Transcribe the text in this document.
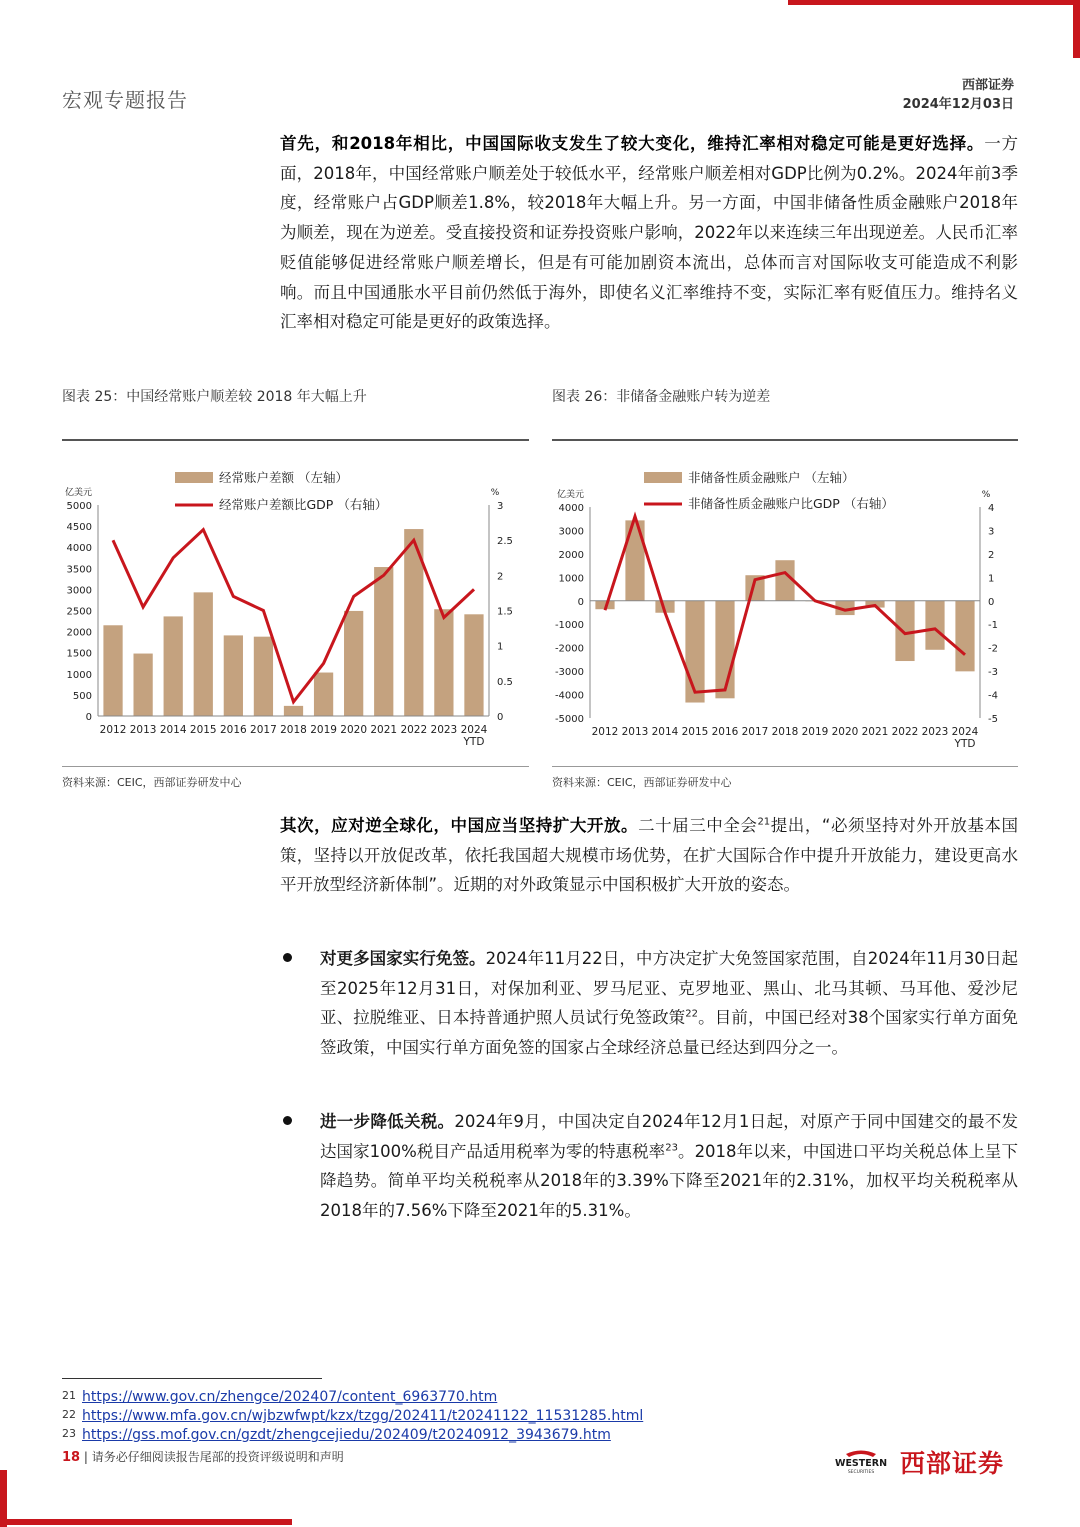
宏观专题报告
西部证券
2024年12月03日
首先，和2018年相比，中国国际收支发生了较大变化，维持汇率相对稳定可能是更好选择。一方面，2018年，中国经常账户顺差处于较低水平，经常账户顺差相对GDP比例为0.2%。2024年前3季度，经常账户占GDP顺差1.8%，较2018年大幅上升。另一方面，中国非储备性质金融账户2018年为顺差，现在为逆差。受直接投资和证券投资账户影响，2022年以来连续三年出现逆差。人民币汇率贬值能够促进经常账户顺差增长，但是有可能加剧资本流出，总体而言对国际收支可能造成不利影响。而且中国通胀水平目前仍然低于海外，即使名义汇率维持不变，实际汇率有贬值压力。维持名义汇率相对稳定可能是更好的政策选择。
图表 25：中国经常账户顺差较 2018 年大幅上升	图表 26：非储备金融账户转为逆差
经常账户差额 （左轴）
经常账户差额比GDP （右轴）
亿美元	%
0
500
1000
1500
2000
2500
3000
3500
4000
4500
5000
0
0.5
1
1.5
2
2.5
3
2012 2013 2014 2015 2016 2017 2018 2019 2020 2021 2022 2023 2024
YTD
非储备性质金融账户 （左轴）
非储备性质金融账户比GDP （右轴）
亿美元	%
-5000
-4000
-3000
-2000
-1000
0
1000
2000
3000
4000
-5
-4
-3
-2
-1
0
1
2
3
4
2012 2013 2014 2015 2016 2017 2018 2019 2020 2021 2022 2023 2024
YTD
资料来源：CEIC，西部证券研发中心	资料来源：CEIC，西部证券研发中心
其次，应对逆全球化，中国应当坚持扩大开放。二十届三中全会$^{21}$提出，“必须坚持对外开放基本国策，坚持以开放促改革，依托我国超大规模市场优势，在扩大国际合作中提升开放能力，建设更高水平开放型经济新体制”。近期的对外政策显示中国积极扩大开放的姿态。
对更多国家实行免签。2024年11月22日，中方决定扩大免签国家范围，自2024年11月30日起至2025年12月31日，对保加利亚、罗马尼亚、克罗地亚、黑山、北马其顿、马耳他、爱沙尼亚、拉脱维亚、日本持普通护照人员试行免签政策$^{22}$。目前，中国已经对38个国家实行单方面免签政策，中国实行单方面免签的国家占全球经济总量已经达到四分之一。
进一步降低关税。2024年9月，中国决定自2024年12月1日起，对原产于同中国建交的最不发达国家100%税目产品适用税率为零的特惠税率$^{23}$。2018年以来，中国进口平均关税总体上呈下降趋势。简单平均关税税率从2018年的3.39%下降至2021年的2.31%，加权平均关税税率从2018年的7.56%下降至2021年的5.31%。
21 https://www.gov.cn/zhengce/202407/content_6963770.htm
22 https://www.mfa.gov.cn/wjbzwfwpt/kzx/tzgg/202411/t20241122_11531285.html
23 https://gss.mof.gov.cn/gzdt/zhengcejiedu/202409/t20240912_3943679.htm
18 | 请务必仔细阅读报告尾部的投资评级说明和声明	WESTERN
SECURITIES 西部证券
